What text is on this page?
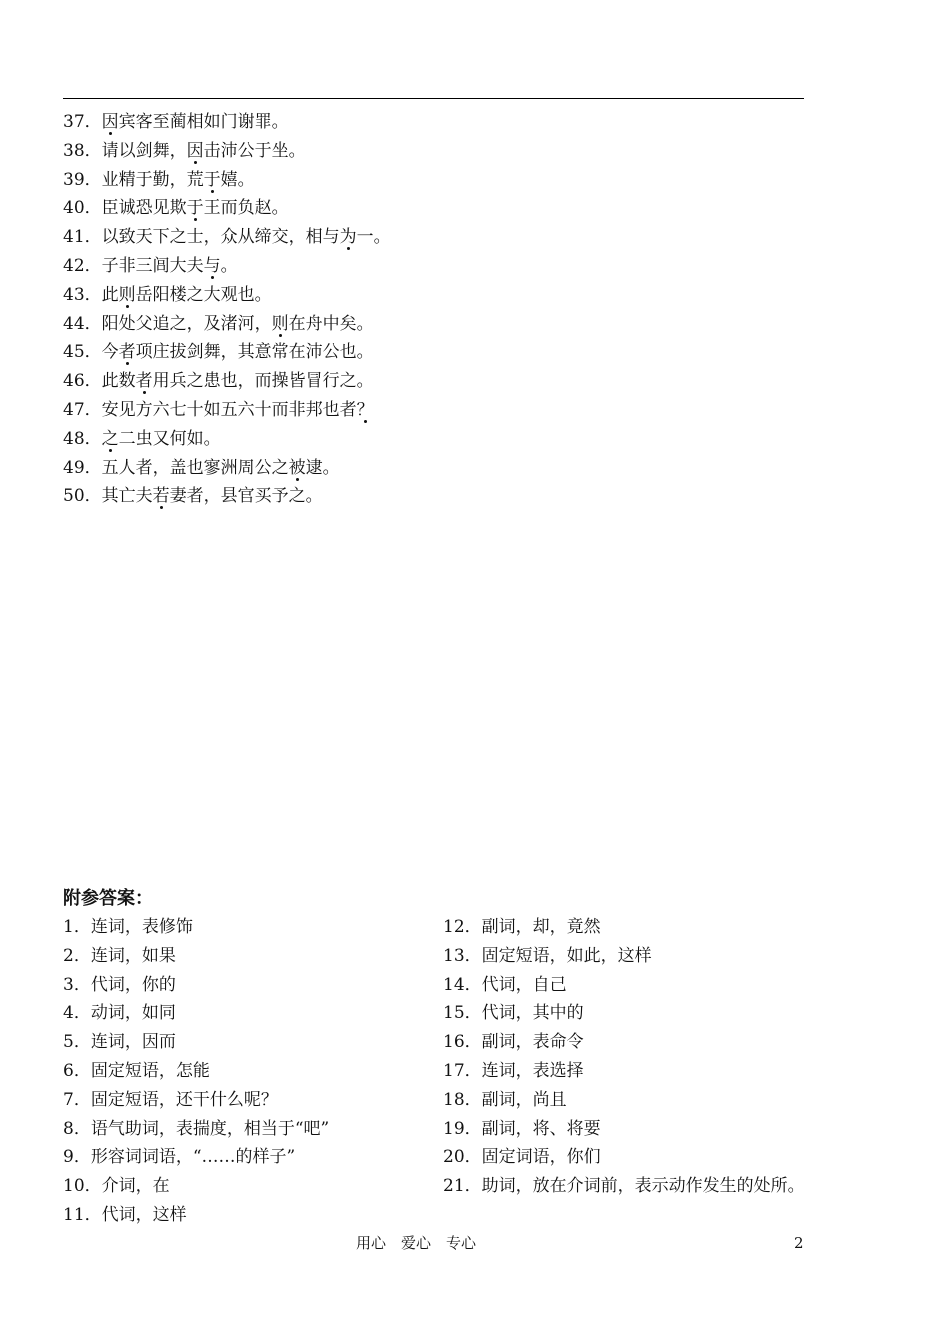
37．因宾客至蔺相如门谢罪。
38．请以剑舞，因击沛公于坐。
39．业精于勤，荒于嬉。
40．臣诚恐见欺于王而负赵。
41．以致天下之士，众从缔交，相与为一。
42．子非三闾大夫与。
43．此则岳阳楼之大观也。
44．阳处父追之，及渚河，则在舟中矣。
45．今者项庄拔剑舞，其意常在沛公也。
46．此数者用兵之患也，而操皆冒行之。
47．安见方六七十如五六十而非邦也者？
48．之二虫又何如。
49．五人者，盖也寥洲周公之被逮。
50．其亡夫若妻者，县官买予之。
附参答案：
1．连词，表修饰
2．连词，如果
3．代词，你的
4．动词，如同
5．连词，因而
6．固定短语，怎能
7．固定短语，还干什么呢？
8．语气助词，表揣度，相当于“吧”
9．形容词词语，“……的样子”
10．介词，在
11．代词，这样
12．副词，却，竟然
13．固定短语，如此，这样
14．代词，自己
15．代词，其中的
16．副词，表命令
17．连词，表选择
18．副词，尚且
19．副词，将、将要
20．固定词语，你们
21．助词，放在介词前，表示动作发生的处所。
用心　爱心　专心	2
